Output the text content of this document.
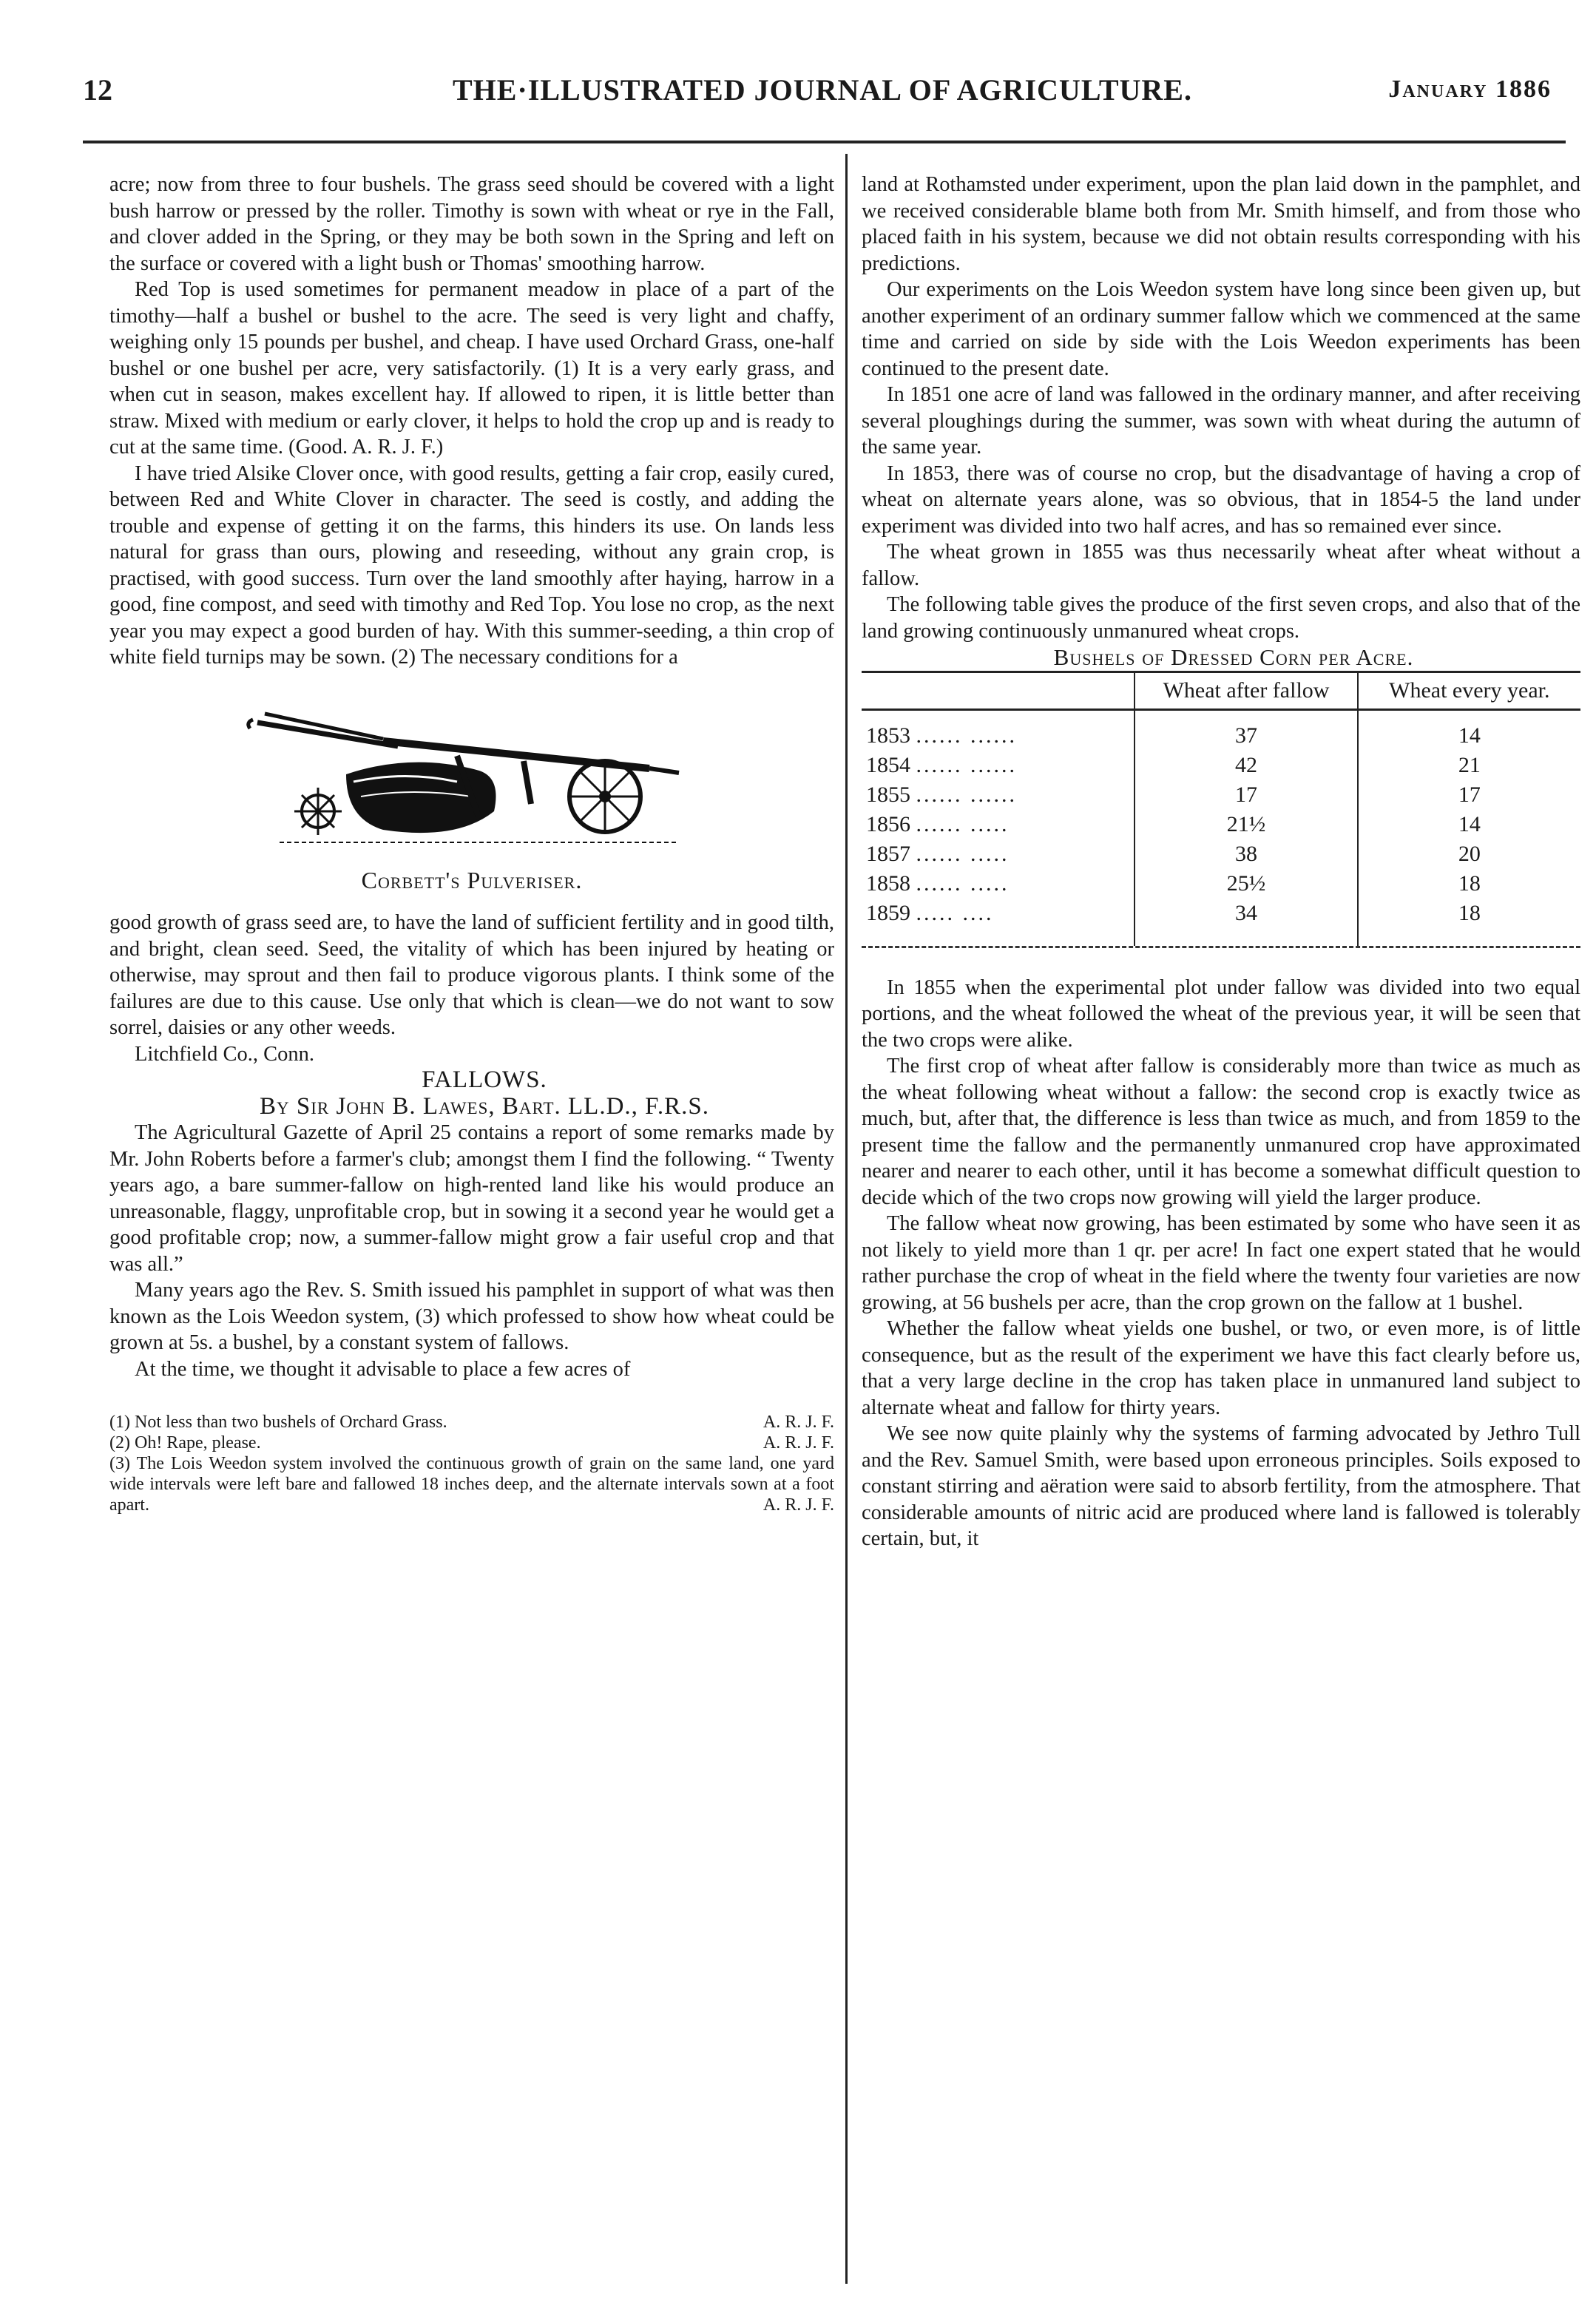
12	THE·ILLUSTRATED JOURNAL OF AGRICULTURE.	January 1886

acre; now from three to four bushels. The grass seed should be covered with a light bush harrow or pressed by the roller. Timothy is sown with wheat or rye in the Fall, and clover added in the Spring, or they may be both sown in the Spring and left on the surface or covered with a light bush or Thomas' smoothing harrow.

Red Top is used sometimes for permanent meadow in place of a part of the timothy—half a bushel or bushel to the acre. The seed is very light and chaffy, weighing only 15 pounds per bushel, and cheap. I have used Orchard Grass, one-half bushel or one bushel per acre, very satisfactorily. (1) It is a very early grass, and when cut in season, makes excellent hay. If allowed to ripen, it is little better than straw. Mixed with medium or early clover, it helps to hold the crop up and is ready to cut at the same time. (Good. A. R. J. F.)

I have tried Alsike Clover once, with good results, getting a fair crop, easily cured, between Red and White Clover in character. The seed is costly, and adding the trouble and expense of getting it on the farms, this hinders its use. On lands less natural for grass than ours, plowing and reseeding, without any grain crop, is practised, with good success. Turn over the land smoothly after haying, harrow in a good, fine compost, and seed with timothy and Red Top. You lose no crop, as the next year you may expect a good burden of hay. With this summer-seeding, a thin crop of white field turnips may be sown. (2) The necessary conditions for a

Corbett's Pulveriser.

good growth of grass seed are, to have the land of sufficient fertility and in good tilth, and bright, clean seed. Seed, the vitality of which has been injured by heating or otherwise, may sprout and then fail to produce vigorous plants. I think some of the failures are due to this cause. Use only that which is clean—we do not want to sow sorrel, daisies or any other weeds.

Litchfield Co., Conn.

FALLOWS.

By Sir John B. Lawes, Bart. LL.D., F.R.S.

The Agricultural Gazette of April 25 contains a report of some remarks made by Mr. John Roberts before a farmer's club; amongst them I find the following. “ Twenty years ago, a bare summer-fallow on high-rented land like his would produce an unreasonable, flaggy, unprofitable crop, but in sowing it a second year he would get a good profitable crop; now, a summer-fallow might grow a fair useful crop and that was all.”

Many years ago the Rev. S. Smith issued his pamphlet in support of what was then known as the Lois Weedon system, (3) which professed to show how wheat could be grown at 5s. a bushel, by a constant system of fallows.

At the time, we thought it advisable to place a few acres of

A. R. J. F.
(1) Not less than two bushels of Orchard Grass.

A. R. J. F.
(2) Oh! Rape, please.

(3) The Lois Weedon system involved the continuous growth of grain on the same land, one yard wide intervals were left bare and fallowed 18 inches deep, and the alternate intervals sown at a foot apart.	A. R. J. F.

land at Rothamsted under experiment, upon the plan laid down in the pamphlet, and we received considerable blame both from Mr. Smith himself, and from those who placed faith in his system, because we did not obtain results corresponding with his predictions.

Our experiments on the Lois Weedon system have long since been given up, but another experiment of an ordinary summer fallow which we commenced at the same time and carried on side by side with the Lois Weedon experiments has been continued to the present date.

In 1851 one acre of land was fallowed in the ordinary manner, and after receiving several ploughings during the summer, was sown with wheat during the autumn of the same year.

In 1853, there was of course no crop, but the disadvantage of having a crop of wheat on alternate years alone, was so obvious, that in 1854-5 the land under experiment was divided into two half acres, and has so remained ever since.

The wheat grown in 1855 was thus necessarily wheat after wheat without a fallow.

The following table gives the produce of the first seven crops, and also that of the land growing continuously unmanured wheat crops.

Bushels of Dressed Corn per Acre.

	Wheat after fallow	Wheat every year.
1853 ...... ......	37	14
1854 ...... ......	42	21
1855 ...... ......	17	17
1856 ...... .....	21½	14
1857 ...... .....	38	20
1858 ...... .....	25½	18
1859 ..... ....	34	18

In 1855 when the experimental plot under fallow was divided into two equal portions, and the wheat followed the wheat of the previous year, it will be seen that the two crops were alike.

The first crop of wheat after fallow is considerably more than twice as much as the wheat following wheat without a fallow: the second crop is exactly twice as much, but, after that, the difference is less than twice as much, and from 1859 to the present time the fallow and the permanently unmanured crop have approximated nearer and nearer to each other, until it has become a somewhat difficult question to decide which of the two crops now growing will yield the larger produce.

The fallow wheat now growing, has been estimated by some who have seen it as not likely to yield more than 1 qr. per acre! In fact one expert stated that he would rather purchase the crop of wheat in the field where the twenty four varieties are now growing, at 56 bushels per acre, than the crop grown on the fallow at 1 bushel.

Whether the fallow wheat yields one bushel, or two, or even more, is of little consequence, but as the result of the experiment we have this fact clearly before us, that a very large decline in the crop has taken place in unmanured land subject to alternate wheat and fallow for thirty years.

We see now quite plainly why the systems of farming advocated by Jethro Tull and the Rev. Samuel Smith, were based upon erroneous principles. Soils exposed to constant stirring and aëration were said to absorb fertility, from the atmosphere. That considerable amounts of nitric acid are produced where land is fallowed is tolerably certain, but, it
